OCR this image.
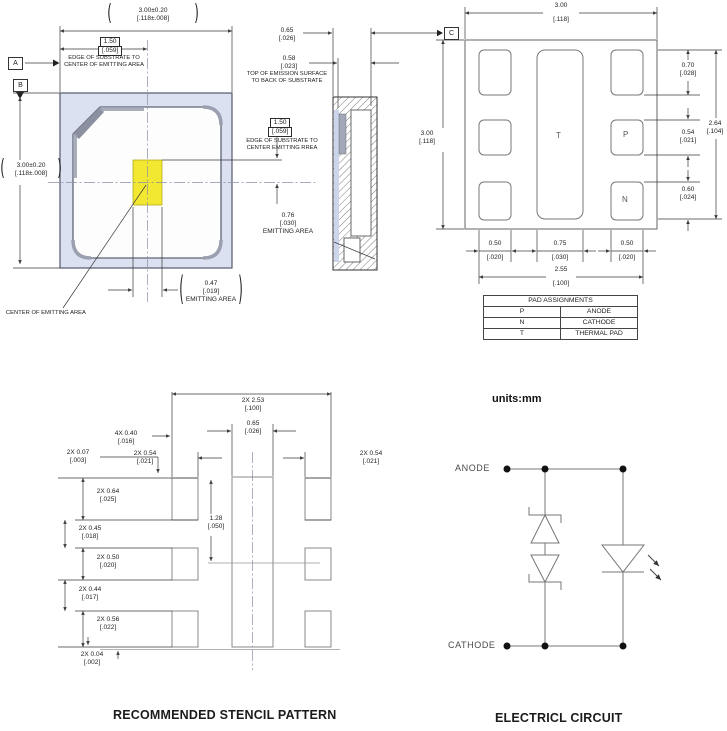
A
B
C
( 3.00±0.20
[.118±.008]
)
( 3.00±0.20
[.118±.008]
)
1.50
[.059]
EDGE OF SUBSTRATE TO
CENTER OF EMITTING AREA
( 0.47
[.019]
EMITTING AREA
)
CENTER OF EMITTING AREA
0.76
[.030]
EMITTING AREA
1.50
[.059]
EDGE OF SUBSTRATE TO
CENTER EMITTING RREA
0.65
[.026]
0.58
[.023]
TOP OF EMISSION SURFACE
TO BACK OF SUBSTRATE
3.00
[.118]
3.00
[.118]
0.70
[.028]
0.54
[.021]
2.64
[.104]
0.60
[.024]
0.50
[.020]
0.75
[.030]
0.50
[.020]
2.55
[.100]
T	P
N
PAD ASSIGNMENTS	
P	ANODE
N	CATHODE
T	THERMAL PAD
2X 2.53
[.100]
0.65
[.026]
4X 0.40
[.016]
2X 0.54
[.021]
2X 0.54
[.021]
2X 0.07
[.003]
2X 0.64
[.025]
2X 0.45
[.018]
2X 0.50
[.020]
2X 0.44
[.017]
2X 0.56
[.022]
2X 0.04
[.002]
1.28
[.050]
units:mm
ANODE
CATHODE
RECOMMENDED STENCIL PATTERN	ELECTRICL CIRCUIT
